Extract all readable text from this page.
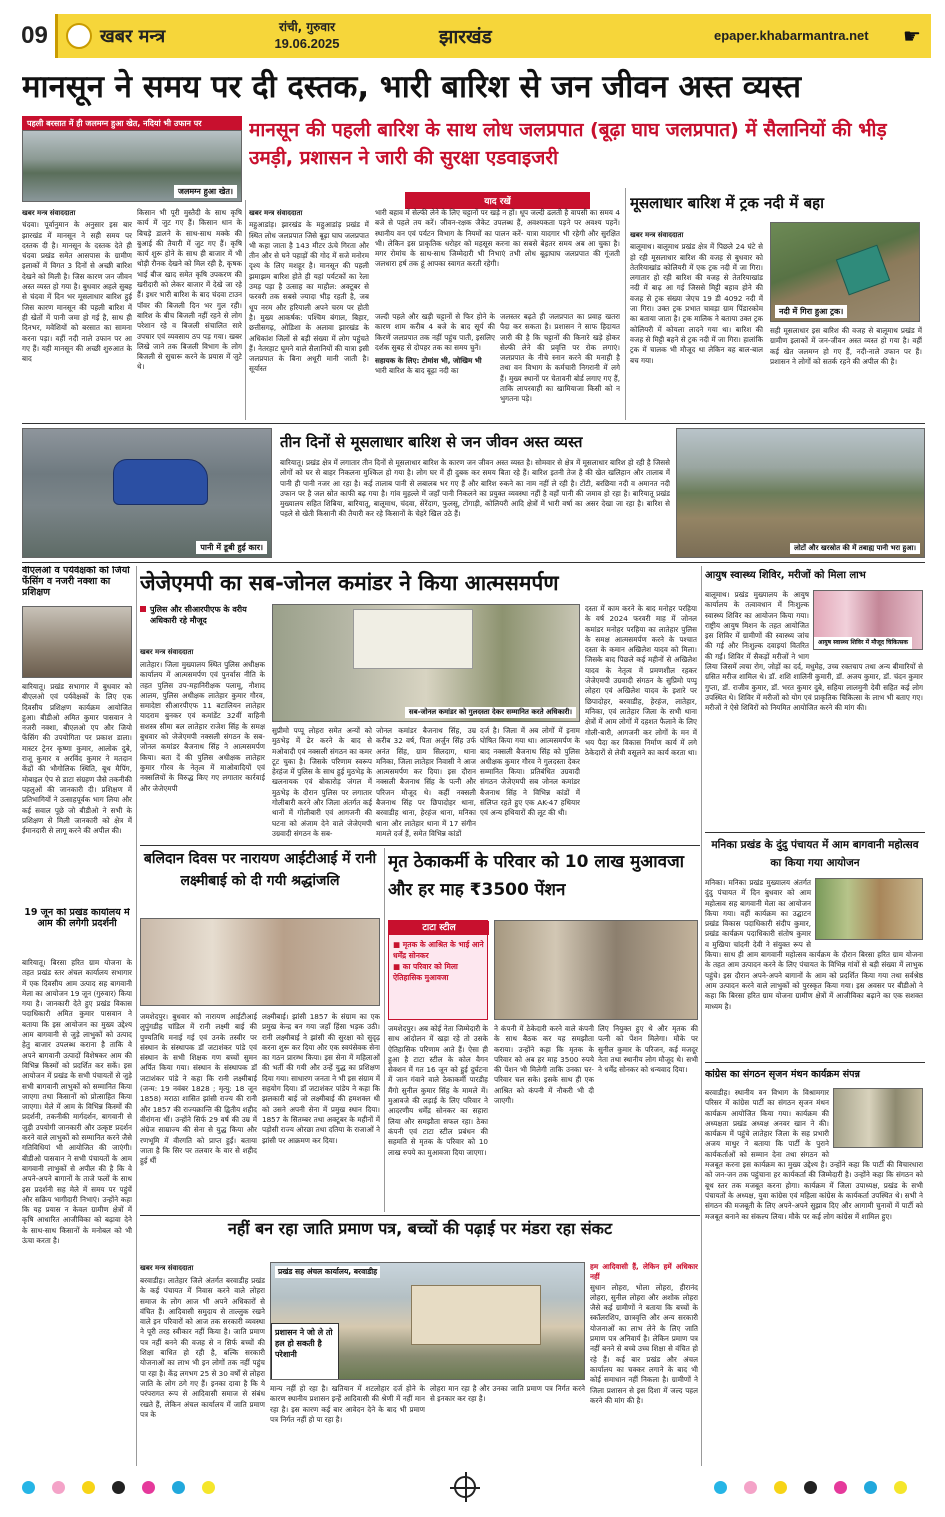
09	खबर मन्त्र	रांची, गुरुवार
19.06.2025	झारखंड	epaper.khabarmantra.net ☛
मानसून ने समय पर दी दस्तक, भारी बारिश से जन जीवन अस्त व्यस्त
पहली बरसात में ही जलमग्न हुआ खेत, नदियां भी उफान पर
जलमग्न हुआ खेत।
मानसून की पहली बारिश के साथ लोध जलप्रपात (बूढ़ा घाघ जलप्रपात) में सैलानियों की भीड़ उमड़ी, प्रशासन ने जारी की सुरक्षा एडवाइजरी
खबर मन्त्र संवाददाता
चंदवा। पूर्वानुमान के अनुसार इस बार झारखंड में मानसून ने सही समय पर दस्तक दी है। मानसून के दस्तक देते ही चंदवा प्रखंड समेत आसपास के ग्रामीण इलाकों में विगत 3 दिनों से अच्छी बारिश देखने को मिली है। जिस कारण जन जीवन अस्त व्यस्त हो गया है। बुधवार अहले सुबह से चंदवा में दिन भर मूसलाधार बारिश हुई जिस कारण मानसून की पहली बारिश में ही खेतों में पानी जमा हो गई है, साथ ही दिनभर, मवेशियों को बरसात का सामना करना पड़ा। वहीं नदी नाले उफान पर आ गए हैं। यही मानसून की अच्छी शुरुआत के बाद
किसान भी पूरी मुस्तैदी के साथ कृषि कार्य में जुट गए हैं। किसान धान के बिचड़े डालने के साथ-साथ मक्के की बुआई की तैयारी में जुट गए हैं। कृषि कार्य शुरू होने के साथ ही बाजार में भी थोड़ी रौनक देखने को मिल रही है, कृषक भाई बीज खाद समेत कृषि उपकरण की खरीदारी को लेकर बाजार में देखे जा रहे हैं। इधर भारी बारिश के बाद चंदवा टाउन पॉवर की बिजली दिन भर गुल रही। बारिश के बीच बिजली नहीं रहने से लोग परेशान रहे व बिजली संचालित सारे उपचार एवं व्यवसाय ठप पड़ गया। खबर लिखे जाने तक बिजली विभाग के लोग बिजली से सुचारू करने के प्रयास में जुटे थे।
खबर मन्त्र संवाददाता
महुआडांड़। झारखंड के महुआडांड़ प्रखंड में स्थित लोध जलप्रपात जिसे बूढ़ा घाघ जलप्रपात भी कहा जाता है 143 मीटर ऊंचे गिरता और तीन और से घने पहाड़ों की गोद में सजे मनोरम दृश्य के लिए मशहूर है। मानसून की पहली झमाझम बारिश होते ही यहां पर्यटकों का रेला उमड़ पड़ा है उत्साह का माहौल: अक्टूबर से फरवरी तक सबसे ज्यादा भीड़ रहती है, जब धूप नरम और हरियाली अपने चरम पर होती है। मुख्य आकर्षक: पश्चिम बंगाल, बिहार, छत्तीसगढ़, ओडिशा के अलावा झारखंड के अधिकांश जिलों से बड़ी संख्या में लोग पहुंचते हैं। नेतरहाट घूमने वाले सैलानियों की यात्रा इसी जलप्रपात के बिना अधूरी मानी जाती है। सूर्यास्त
याद रखें
भारी बहाव में सेल्फी लेने के लिए चट्टानों पर खड़े न हों। धूप जल्दी ढलती है वापसी का समय 4 बजे से पहले तय करें। जीवन-रक्षक जैकेट उपलब्ध हैं, अवश्यकता पड़ने पर अवश्य पहनें। स्थानीय वन एवं पर्यटन विभाग के नियमों का पालन करें- यात्रा यादगार भी रहेगी और सुरक्षित भी। लेकिन इस प्राकृतिक धरोहर को महसूस करना का सबसे बेहतर समय अब आ चुका है। मगर रोमांच के साथ-साथ जिम्मेदारी भी निभाएं तभी लोध बूढ़ाघाघ जलप्रपात की गूंजती जलधारा हर्ष तक हूं आपका स्वागत करती रहेगी।
जल्दी पहले और खड़ी चट्टानों से फिर होने के कारण शाम करीब 4 बजे के बाद सूर्य की किरणें जलप्रपात तक नहीं पहुंच पाती, इसलिए दर्शक सुबह से दोपहर तक का समय चुनें।
सहायक के लिए: टोमांश भी, जोखिम भी
भारी बारिश के बाद बूढ़ा नदी का
जलस्तर बढ़ते ही जलप्रपात का प्रवाह खतरा पैदा कर सकता है। प्रशासन ने साफ हिदायत जारी की है कि चट्टानों की किनारे खड़े होकर सेल्फी लेने की प्रवृत्ति पर रोक लगाएं। जलप्रपात के नीचे स्नान करने की मनाही है तथा वन विभाग के कर्मचारी निगरानी में लगे हैं। मुख्य स्थानों पर चेतावनी बोर्ड लगाए गए हैं, ताकि लापरवाही का खामियाजा किसी को न भुगतना पड़े।
मूसलाधार बारिश में ट्रक नदी में बहा
खबर मन्त्र संवाददाता
बालूमाथ। बालूमाथ प्रखंड क्षेत्र में पिछले 24 घंटे से हो रही मूसलाधार बारिश की वजह से बुधवार को तेतरियाखांड कोलियरी में एक ट्रक नदी में जा गिरा। लगातार हो रही बारिश की वजह से तेतरियाखांड नदी में बाढ़ आ गई जिससे मिट्टी बहाव होने की वजह से ट्रक संख्या जेएच 19 डी 4092 नदी में जा गिरा। उक्त ट्रक प्रभात चावड़ा ग्राम पिंडारकोम का बताया जाता है। ट्रक मालिक ने बताया उक्त ट्रक कोलियरी में कोयला लादने गया था। बारिश की वजह से मिट्टी बहने से ट्रक नदी में जा गिरा। हालांकि ट्रक में चालक भी मौजूद था लेकिन वह बाल-बाल बच गया।
नदी में गिरा हुआ ट्रक।
सही मूसलाधार इस बारिश की वजह से बालूमाथ प्रखंड में ग्रामीण इलाकों में जन-जीवन अस्त व्यस्त हो गया है। वहीं कई खेत जलमग्न हो गए हैं, नदी-नाले उफान पर हैं। प्रशासन ने लोगों को सतर्क रहने की अपील की है।
पानी में डूबी हुई कार।
तीन दिनों से मूसलाधार बारिश से जन जीवन अस्त व्यस्त
बारियातू। प्रखंड क्षेत्र में लगातार तीन दिनों से मूसलाधार बारिश के कारण जन जीवन अस्त व्यस्त है। सोमवार से क्षेत्र में मूसलाधार बारिश हो रही है जिससे लोगों को घर से बाहर निकलना मुश्किल हो गया है। लोग घर में ही दुबक कर समय बिता रहे हैं। बारिश इतनी तेज है की खेत खलिहान और तालाब में पानी ही पानी नजर आ रहा है। कई तालाब पानी से लबालब भर गए हैं और बारिश रुकने का नाम नहीं ले रही है। टोंटी, बरछिया नदी व अमानत नदी उफान पर है जल स्रोत काफी बढ़ गया है। गांव मुहल्ले में जहाँ पानी निकलने का प्रयुक्त व्यवस्था नहीं है वहाँ पानी की जमाव हो रहा है। बारियातू प्रखंड मुख्यालय सहित शिबिया, बारियातू, बालूमाथ, चंदवा, सेरेंदाग, फुलसू, टोंगाड़ी, कोलियरी आदि क्षेत्रों में भारी वर्षा का असर देखा जा रहा है। बारिश से पहले से खेती किसानी की तैयारी कर रहे किसानों के चेहरे खिल उठे हैं।
लोटों और खरस्रोत की में तबाह्य पानी भरा हुआ।
वीएलओ व पर्यवेक्षकों को जियो फेंसिंग व नजरी नक्शा का प्रशिक्षण
बारियातू। प्रखंड सभागार में बुधवार को बीएलओ एवं पर्यवेक्षकों के लिए एक दिवसीय प्रशिक्षण कार्यक्रम आयोजित हुआ। बीडीओ अमित कुमार पासवान ने नजरी नक्शा, बीएलओ एप और जियो फेंसिंग की उपयोगिता पर प्रकाश डाला। मास्टर ट्रेनर कृष्णा कुमार, आलोक दुबे, राजू कुमार व अरविंद कुमार ने मतदान केंद्रों की भौगोलिक स्थिति, बूथ मैपिंग, मोबाइल ऐप से डाटा संग्रहण जैसे तकनीकी पहलुओं की जानकारी दी। प्रशिक्षण में प्रतिभागियों ने उत्साहपूर्वक भाग लिया और कई सवाल पूछे जो बीडीओ ने सभी के प्रशिक्षण से मिली जानकारी को क्षेत्र में ईमानदारी से लागू करने की अपील की।
19 जून को प्रखंड कार्यालय में आम की लगेगी प्रदर्शनी
बारियातू। बिरसा हरित ग्राम योजना के तहत प्रखंड स्तर अंचल कार्यालय सभागार में एक दिवसीय आम उत्पाद सह बागवानी मेला का आयोजन 19 जून (गुरुवार) किया गया है। जानकारी देते हुए प्रखंड विकास पदाधिकारी अमित कुमार पासवान ने बताया कि इस आयोजन का मुख्य उद्देश्य आम बागवानी से जुड़े लाभुकों को उत्पाद हेतु बाजार उपलब्ध कराना है ताकि वे अपने बागवानी उत्पादों विशेषकर आम की विभिन्न किस्मों को प्रदर्शित कर सकें। इस आयोजन में प्रखंड के सभी पंचायतों से जुड़े सभी बागवानी लाभुकों को सम्मानित किया जाएगा तथा किसानों को प्रोत्साहित किया जाएगा। मेले में आम के विभिन्न किस्मों की प्रदर्शनी, तकनीकी मार्गदर्शन, बागवानी से जुड़ी उपयोगी जानकारी और उत्कृष्ट प्रदर्शन करने वाले लाभुकों को सम्मानित करने जैसे गतिविधियां भी आयोजित की जाएंगी। बीडीओ पासवान ने सभी पंचायतों के आम बागवानी लाभुकों से अपील की है कि वे अपने-अपने बागानों के ताजे फलों के साथ इस प्रदर्शनी सह मेले में समय पर पहुंचें और सक्रिय भागीदारी निभाएं। उन्होंने कहा कि यह प्रयास न केवल ग्रामीण क्षेत्रों में कृषि आधारित आजीविका को बढ़ावा देने के साथ-साथ किसानों के मनोबल को भी ऊंचा करता है।
जेजेएमपी का सब-जोनल कमांडर ने किया आत्मसमर्पण
पुलिस और सीआरपीएफ के वरीय अधिकारी रहे मौजूद
खबर मन्त्र संवाददाता
लातेहार। जिला मुख्यालय स्थित पुलिस अधीक्षक कार्यालय में आत्मसमर्पण एवं पुनर्वास नीति के तहत पुलिस उप-महानिरीक्षक पलामू, नौशाद आलम, पुलिस अधीक्षक लातेहार कुमार गौरव, समादेष्टा सीआरपीएफ 11 बटालियन लातेहार यादराम बुनकर एवं कमांडेंट 32वीं वाहिनी सशस्त्र सीमा बल लातेहार राजेश सिंह के समक्ष बुधवार को जेजेएमपी नक्सली संगठन के सब-जोनल कमांडर बैजनाथ सिंह ने आत्मसमर्पण किया। बता दें की पुलिस अधीक्षक लातेहार कुमार गौरव के नेतृत्व में माओवादियों एवं नक्सलियों के विरुद्ध किए गए लगातार कार्रवाई और जेजेएमपी
सब-जोनल कमांडर को गुलदस्ता देकर सम्मानित करते अधिकारी।
सुप्रीमो पप्पू लोहरा समेत अन्यों को मुठभेड़ में ढेर करने के बाद से मओवादी एवं नक्सली संगठन का कमर टूट चुका है। जिसके परिणाम स्वरूप हेरहंज में पुलिस के साथ हुई मुठभेड़ के खलनायक एवं बोकारोड़ जंगल में मुठभेड़ के दौरान पुलिस पर लगातार गोलीबारी करने और जिला अंतर्गत कई थानों में गोलीबारी एवं आगजनी की घटना को अंजाम देने वाले जेजेएमपी उग्रवादी संगठन के सब-
जोनल कमांडर बैजनाथ सिंह, उम्र करीब 32 वर्ष, पिता अर्जुन सिंह उर्फ अनंत सिंह, ग्राम सिलदाग, थाना मनिका, जिला लातेहार निवासी ने आज आत्मसमर्पण कर दिया। इस दौरान नक्सली बैजनाथ सिंह के पत्नी और परिजन मौजूद थे। कहीं नक्सली बैजनाथ सिंह पर छिपादोहर थाना, बरवाडीह थाना, हेरहंज थाना, मनिका थाना और लातेहार थाना में 17 संगीन मामले दर्ज हैं, समेत विभिन्न कांडों
दर्ज है। जिला में अब लोगों में इनाम घोषित किया गया था। आत्मसमर्पण के बाद नक्सली बैजनाथ सिंह को पुलिस अधीक्षक कुमार गौरव ने गुलदस्ता देकर सम्मानित किया। प्रतिबंधित उग्रवादी संगठन जेजेएमपी सब जोनल कमांडर बैजनाथ सिंह ने विभिन्न कांडों में संलिप्त रहते हुए एक AK-47 हथियार एवं अन्य हथियारों की लूट की थी।
दस्ता में काम करने के बाद मनोहर परहिया के वर्ष 2024 फरवरी माह में जोनल कमांडर मनोहर परहिया का लातेहार पुलिस के समक्ष आत्मसमर्पण करने के पश्चात दस्ता के कमान अखिलेश यादव को मिला। जिसके बाद पिछले कई महीनों से अखिलेश यादव के नेतृत्व में प्रमणशील रहकर जेजेएमपी उग्रवादी संगठन के सुप्रिमो पप्पू लोहरा एवं अखिलेश यादव के इशारे पर छिपादोहर, बरवाडीह, हेरहंज, लातेहार, मनिका, एवं लातेहार जिला के सभी थाना क्षेत्रों में आम लोगों में दहशत फैलाने के लिए गोली-बारी, आगजनी कर लोगों के मन में भय पैदा कर विकास निर्माण कार्य में लगे ठेकेदारों से लेवी वसूलने का कार्य करता था।
बलिदान दिवस पर नारायण आईटीआई में रानी लक्ष्मीबाई को दी गयी श्रद्धांजलि
जमशेदपुर। बुधवार को नारायण आईटीआई लुपुंगडीह चांडिल में रानी लक्ष्मी बाई की पुण्यतिथि मनाई गई एवं उनके तस्वीर पर संस्थान के संस्थापक डॉ जटाशंकर पांडे एवं संस्थान के सभी शिक्षक गण बच्चों सुमन अर्पित किया गया। संस्थान के संस्थापक डॉ जटाशंकर पांडे ने कहा कि रानी लक्ष्मीबाई (जन्म: 19 नवंबर 1828 ; मृत्यु: 18 जून 1858) मराठा शासित झांसी राज्य की रानी और 1857 की राज्यक्रान्ति की द्वितीय शहीद वीरांगना थीं। उन्होंने सिर्फ 29 वर्ष की उम्र में अंग्रेज साम्राज्य की सेना से युद्ध किया और रणभूमि में वीरगति को प्राप्त हुईं। बताया जाता है कि सिर पर तलवार के वार से शहीद हुई थीं
लक्ष्मीबाई। झांसी 1857 के संग्राम का एक प्रमुख केन्द्र बन गया जहाँ हिंसा भड़क उठी। रानी लक्ष्मीबाई ने झांसी की सुरक्षा को सुदृढ़ करना शुरू कर दिया और एक स्वयंसेवक सेना का गठन प्रारम्भ किया। इस सेना में महिलाओं की भर्ती की गयी और उन्हें युद्ध का प्रशिक्षण दिया गया। साधारण जनता ने भी इस संग्राम में सहयोग दिया। डॉ जटाशंकर पांडेय ने कहा कि झलकारी बाई जो लक्ष्मीबाई की हमशक्ल थी को उसने अपनी सेना में प्रमुख स्थान दिया। 1857 के सितम्बर तथा अक्टूबर के महीनों में पड़ोसी राज्य ओरछा तथा दतिया के राजाओं ने झांसी पर आक्रमण कर दिया।
मृत ठेकाकर्मी के परिवार को 10 लाख मुआवजा और हर माह ₹3500 पेंशन
टाटा स्टील
■ मृतक के आश्रित के भाई आने
धर्मेंद्र सोनकर
■ का परिवार को मिला
ऐतिहासिक मुआवजा
जमशेदपुर। अब कोई नेता जिम्मेदारी के साथ आंदोलन में खड़ा रहे तो उसके ऐतिहासिक परिणाम आते हैं। ऐसा ही हुआ है टाटा स्टील के कोल वैगन सेक्शन में गत 16 जून को हुई दुर्घटना में जान गंवाने वाले ठेकाकर्मी पारडीह मैंगो सुनील कुमार सिंह के मामले में। मुआवजे की लड़ाई के लिए परिवार ने आदरणीय धर्मेंद्र सोनकर का सहारा लिया और समझौता सफल रहा। ठेका कंपनी एवं टाटा स्टील प्रबंधन की सहमति से मृतक के परिवार को 10 लाख रुपये का मुआवजा दिया जाएगा।
ने कंपनी में ठेकेदारी करने वाले कंपनी के साथ बैठक कर यह समझौता कराया। उन्होंने कहा कि मृतक के परिवार को अब हर माह 3500 रुपये की पेंशन भी मिलेगी ताकि उनका घर-परिवार चल सके। इसके साथ ही एक आश्रित को कंपनी में नौकरी भी दी जाएगी।
लिए नियुक्त हुए थे और मृतक की पत्नी को पेंशन मिलेगा। मौके पर सुनील कुमार के परिजन, कई मजदूर नेता तथा स्थानीय लोग मौजूद थे। सभी ने धर्मेंद्र सोनकर को धन्यवाद दिया।
नहीं बन रहा जाति प्रमाण पत्र, बच्चों की पढ़ाई पर मंडरा रहा संकट
खबर मन्त्र संवाददाता
बरवाडीह। लातेहार जिले अंतर्गत बरवाडीह प्रखंड के कई पंचायत में निवास करने वाले लोहरा समाज के लोग आज भी अपने अधिकारों से वंचित हैं। आदिवासी समुदाय से ताल्लुक रखने वाले इन परिवारों को आज तक सरकारी व्यवस्था ने पूरी तरह स्वीकार नहीं किया है। जाति प्रमाण पत्र नहीं बनने की वजह से न सिर्फ बच्चों की शिक्षा बाधित हो रही है, बल्कि सरकारी योजनाओं का लाभ भी इन लोगों तक नहीं पहुंच पा रहा है। केंद्र लगभग 25 से 30 वर्षों से लोहरा जाति के लोग ठगे गए हैं। इनका दावा है कि ये परंपरागत रूप से आदिवासी समाज से संबंध रखते हैं, लेकिन अंचल कार्यालय में जाति प्रमाण पत्र के
प्रखंड सह अंचल कार्यालय, बरवाडीह
प्रशासन ने जो ले तो हल हो सकती है परेशानी
मान्य नहीं हो रहा है। खतियान में शटलोहार दर्ज होने के कारण स्थानीय प्रशासन इन्हें आदिवासी की श्रेणी में नहीं मान रहा है। इस कारण कई बार आवेदन देने के बाद भी प्रमाण पत्र निर्गत नहीं हो पा रहा है।
लोहरा मान रहा है और उनका जाति प्रमाण पत्र निर्गत करने से इनकार कर रहा है।
हम आदिवासी हैं, लेकिन हमें अधिकार नहीं
सुधान लोहरा, भोला लोहरा, हीरानंद लोहरा, सुनील लोहरा और अशोक लोहरा जैसे कई ग्रामीणों ने बताया कि बच्चों के स्कॉलरशिप, छात्रवृत्ति और अन्य सरकारी योजनाओं का लाभ लेने के लिए जाति प्रमाण पत्र अनिवार्य है। लेकिन प्रमाण पत्र नहीं बनने से बच्चे उच्च शिक्षा से वंचित हो रहे हैं। कई बार प्रखंड और अंचल कार्यालय का चक्कर लगाने के बाद भी कोई समाधान नहीं निकला है। ग्रामीणों ने जिला प्रशासन से इस दिशा में जल्द पहल करने की मांग की है।
आयुष स्वास्थ्य शिविर, मरीजों को मिला लाभ
आयुष स्वास्थ्य शिविर में मौजूद चिकित्सक
बालूमाथ। प्रखंड मुख्यालय के आयुष कार्यालय के तत्वावधान में निःशुल्क स्वास्थ्य शिविर का आयोजन किया गया। राष्ट्रीय आयुष मिशन के तहत आयोजित इस शिविर में ग्रामीणों की स्वास्थ्य जांच की गई और निःशुल्क दवाइयां वितरित की गईं। शिविर में सैकड़ों मरीजों ने भाग लिया जिसमें त्वचा रोग, जोड़ों का दर्द, मधुमेह, उच्च रक्तचाप तथा अन्य बीमारियों से ग्रसित मरीज शामिल थे। डॉ. शशि शालिनी कुमारी, डॉ. अजय कुमार, डॉ. चंदन कुमार गुप्ता, डॉ. राजीव कुमार, डॉ. भरत कुमार दुबे, सहिया लालमुनी देवी सहित कई लोग उपस्थित थे। शिविर में मरीजों को योग एवं प्राकृतिक चिकित्सा के लाभ भी बताए गए। मरीजों ने ऐसे शिविरों को नियमित आयोजित करने की मांग की।
मनिका प्रखंड के दुंदु पंचायत में आम बागवानी महोत्सव का किया गया आयोजन
मनिका। मनिका प्रखंड मुख्यालय अंतर्गत दुंदु पंचायत में दिन बुधवार को आम महोत्सव सह बागवानी मेला का आयोजन किया गया। वहीं कार्यक्रम का उद्घाटन प्रखंड विकास पदाधिकारी संदीप कुमार, प्रखंड कार्यक्रम पदाधिकारी संतोष कुमार व मुखिया चांदनी देवी ने संयुक्त रूप से किया। साथ ही आम बागवानी महोत्सव कार्यक्रम के दौरान बिरसा हरित ग्राम योजना के तहत आम उत्पादन करने के लिए पंचायत के विभिन्न गांवों से बड़ी संख्या में लाभुक पहुंचे। इस दौरान अपने-अपने बागानों के आम को प्रदर्शित किया गया तथा सर्वश्रेष्ठ आम उत्पादन करने वाले लाभुकों को पुरस्कृत किया गया। इस अवसर पर बीडीओ ने कहा कि बिरसा हरित ग्राम योजना ग्रामीण क्षेत्रों में आजीविका बढ़ाने का एक सशक्त माध्यम है।
कांग्रेस का संगठन सृजन मंथन कार्यक्रम संपन्न
बरवाडीह। स्थानीय वन विभाग के विश्रामगार परिसर में कांग्रेस पार्टी का संगठन सृजन मंथन कार्यक्रम आयोजित किया गया। कार्यक्रम की अध्यक्षता प्रखंड अध्यक्ष अनवर खान ने की। कार्यक्रम में पहुंचे लातेहार जिला के सह प्रभारी अजय माथुर ने बताया कि पार्टी के पुराने कार्यकर्ताओं को सम्मान देना तथा संगठन को मजबूत करना इस कार्यक्रम का मुख्य उद्देश्य है। उन्होंने कहा कि पार्टी की विचारधारा को जन-जन तक पहुंचाना हर कार्यकर्ता की जिम्मेदारी है। उन्होंने कहा कि संगठन को बूथ स्तर तक मजबूत करना होगा। कार्यक्रम में जिला उपाध्यक्ष, प्रखंड के सभी पंचायतों के अध्यक्ष, युवा कांग्रेस एवं महिला कांग्रेस के कार्यकर्ता उपस्थित थे। सभी ने संगठन की मजबूती के लिए अपने-अपने सुझाव दिए और आगामी चुनावों में पार्टी को मजबूत बनाने का संकल्प लिया। मौके पर कई लोग कांग्रेस में शामिल हुए।
